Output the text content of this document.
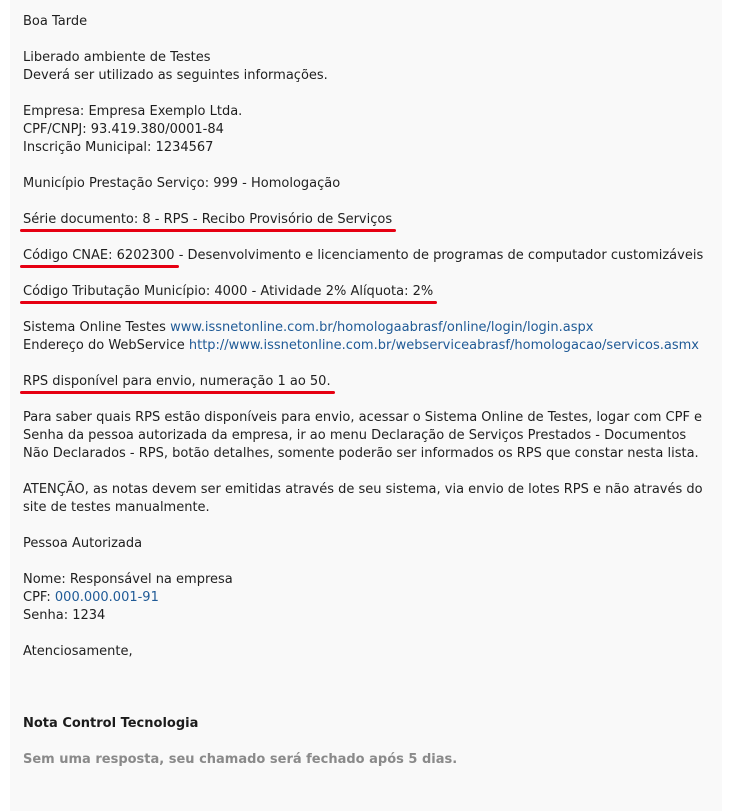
Boa Tarde
Liberado ambiente de Testes
Deverá ser utilizado as seguintes informações.
Empresa: Empresa Exemplo Ltda.
CPF/CNPJ: 93.419.380/0001-84
Inscrição Municipal: 1234567
Município Prestação Serviço: 999 - Homologação
Série documento: 8 - RPS - Recibo Provisório de Serviços
Código CNAE: 6202300
- Desenvolvimento e licenciamento de programas de computador customizáveis
Código Tributação Município: 4000 - Atividade 2% Alíquota: 2%
Sistema Online Testes www.issnetonline.com.br/homologaabrasf/online/login/login.aspx
Endereço do WebService http://www.issnetonline.com.br/webserviceabrasf/homologacao/servicos.asmx
RPS disponível para envio, numeração 1 ao 50.
Para saber quais RPS estão disponíveis para envio, acessar o Sistema Online de Testes, logar com CPF e Senha da pessoa autorizada da empresa, ir ao menu Declaração de Serviços Prestados - Documentos Não Declarados - RPS, botão detalhes, somente poderão ser informados os RPS que constar nesta lista.
ATENÇÃO, as notas devem ser emitidas através de seu sistema, via envio de lotes RPS e não através do site de testes manualmente.
Pessoa Autorizada
Nome: Responsável na empresa
CPF: 000.000.001-91
Senha: 1234
Atenciosamente,
Nota Control Tecnologia
Sem uma resposta, seu chamado será fechado após 5 dias.
